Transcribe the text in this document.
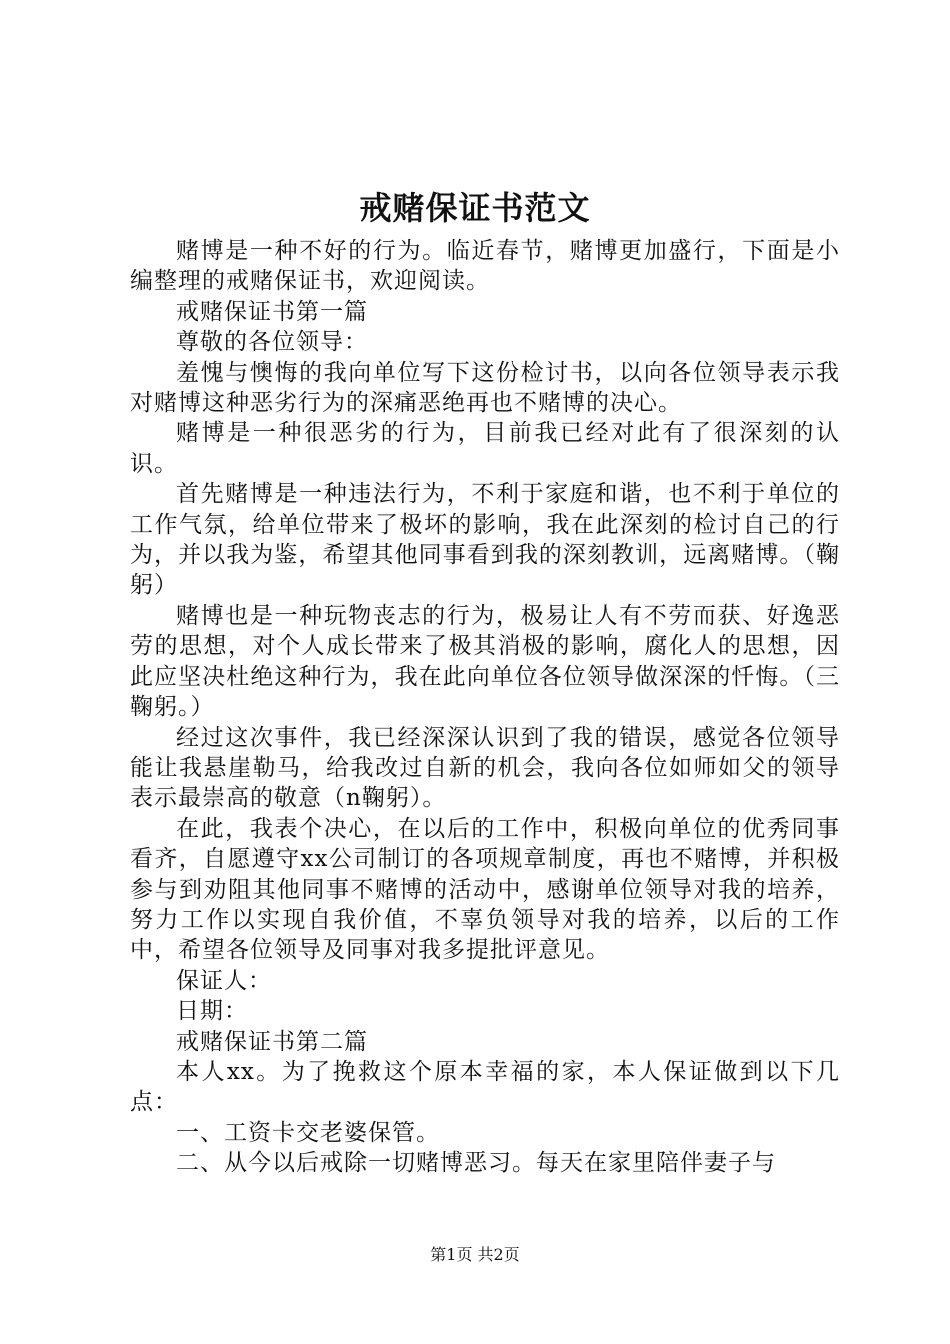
戒赌保证书范文

赌博是一种不好的行为。临近春节，赌博更加盛行，下面是小编整理的戒赌保证书，欢迎阅读。

戒赌保证书第一篇

尊敬的各位领导：

羞愧与懊悔的我向单位写下这份检讨书，以向各位领导表示我对赌博这种恶劣行为的深痛恶绝再也不赌博的决心。

赌博是一种很恶劣的行为，目前我已经对此有了很深刻的认识。

首先赌博是一种违法行为，不利于家庭和谐，也不利于单位的工作气氛，给单位带来了极坏的影响，我在此深刻的检讨自己的行为，并以我为鉴，希望其他同事看到我的深刻教训，远离赌博。（鞠躬）

赌博也是一种玩物丧志的行为，极易让人有不劳而获、好逸恶劳的思想，对个人成长带来了极其消极的影响，腐化人的思想，因此应坚决杜绝这种行为，我在此向单位各位领导做深深的忏悔。（三鞠躬。）

经过这次事件，我已经深深认识到了我的错误，感觉各位领导能让我悬崖勒马，给我改过自新的机会，我向各位如师如父的领导表示最崇高的敬意（n鞠躬）。

在此，我表个决心，在以后的工作中，积极向单位的优秀同事看齐，自愿遵守xx公司制订的各项规章制度，再也不赌博，并积极参与到劝阻其他同事不赌博的活动中，感谢单位领导对我的培养，努力工作以实现自我价值，不辜负领导对我的培养，以后的工作中，希望各位领导及同事对我多提批评意见。

保证人：

日期：

戒赌保证书第二篇

本人xx。为了挽救这个原本幸福的家，本人保证做到以下几点：

一、工资卡交老婆保管。

二、从今以后戒除一切赌博恶习。每天在家里陪伴妻子与

第1页 共2页
